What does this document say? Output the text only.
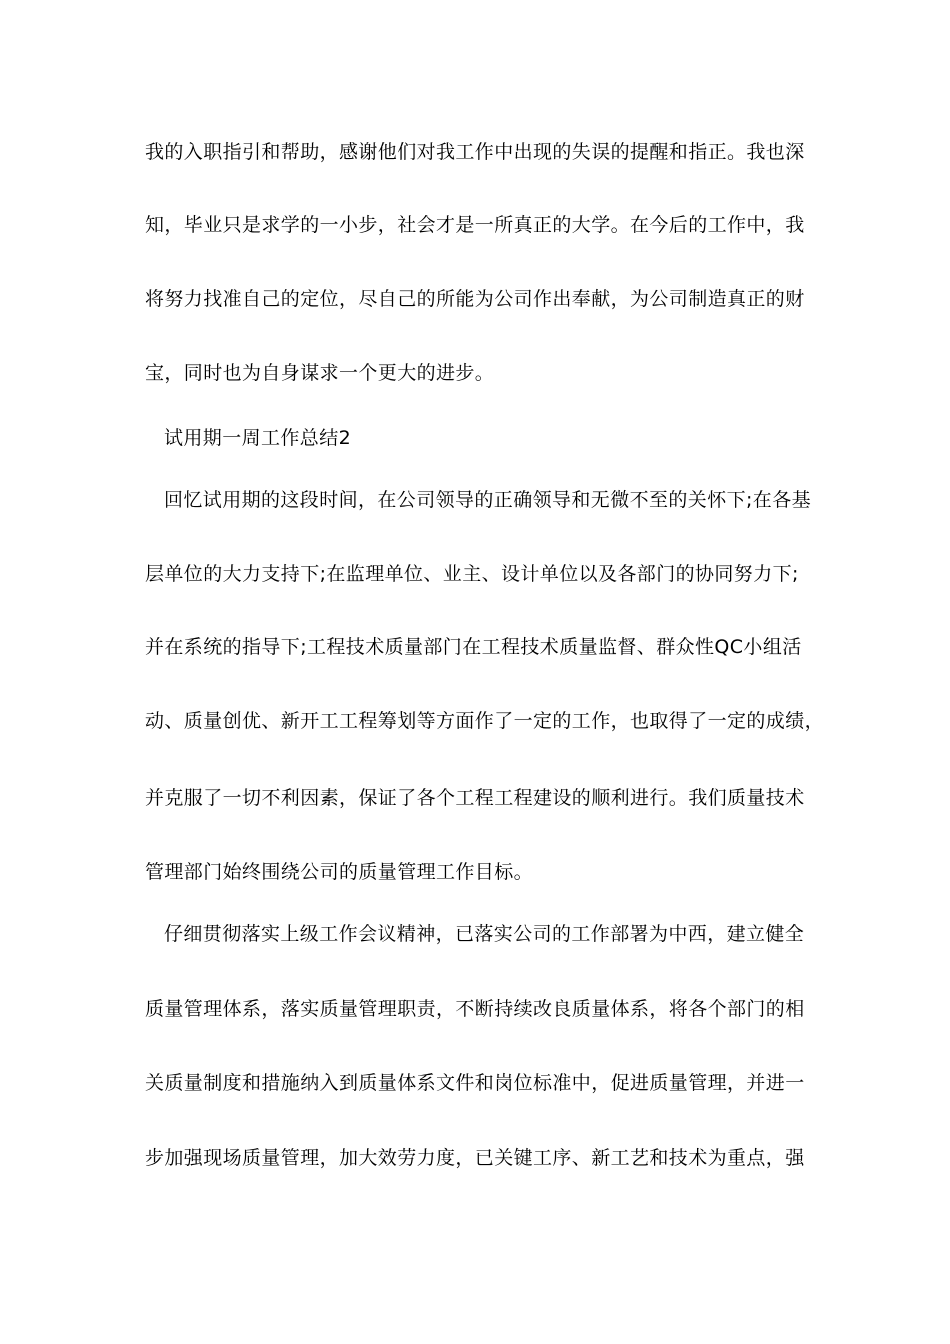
我的入职指引和帮助，感谢他们对我工作中出现的失误的提醒和指正。我也深
知，毕业只是求学的一小步，社会才是一所真正的大学。在今后的工作中，我
将努力找准自己的定位，尽自己的所能为公司作出奉献，为公司制造真正的财
宝，同时也为自身谋求一个更大的进步。
试用期一周工作总结2
回忆试用期的这段时间，在公司领导的正确领导和无微不至的关怀下;在各基
层单位的大力支持下;在监理单位、业主、设计单位以及各部门的协同努力下;
并在系统的指导下;工程技术质量部门在工程技术质量监督、群众性QC小组活
动、质量创优、新开工工程筹划等方面作了一定的工作，也取得了一定的成绩，
并克服了一切不利因素，保证了各个工程工程建设的顺利进行。我们质量技术
管理部门始终围绕公司的质量管理工作目标。
仔细贯彻落实上级工作会议精神，已落实公司的工作部署为中西，建立健全
质量管理体系，落实质量管理职责，不断持续改良质量体系，将各个部门的相
关质量制度和措施纳入到质量体系文件和岗位标准中，促进质量管理，并进一
步加强现场质量管理，加大效劳力度，已关键工序、新工艺和技术为重点，强
